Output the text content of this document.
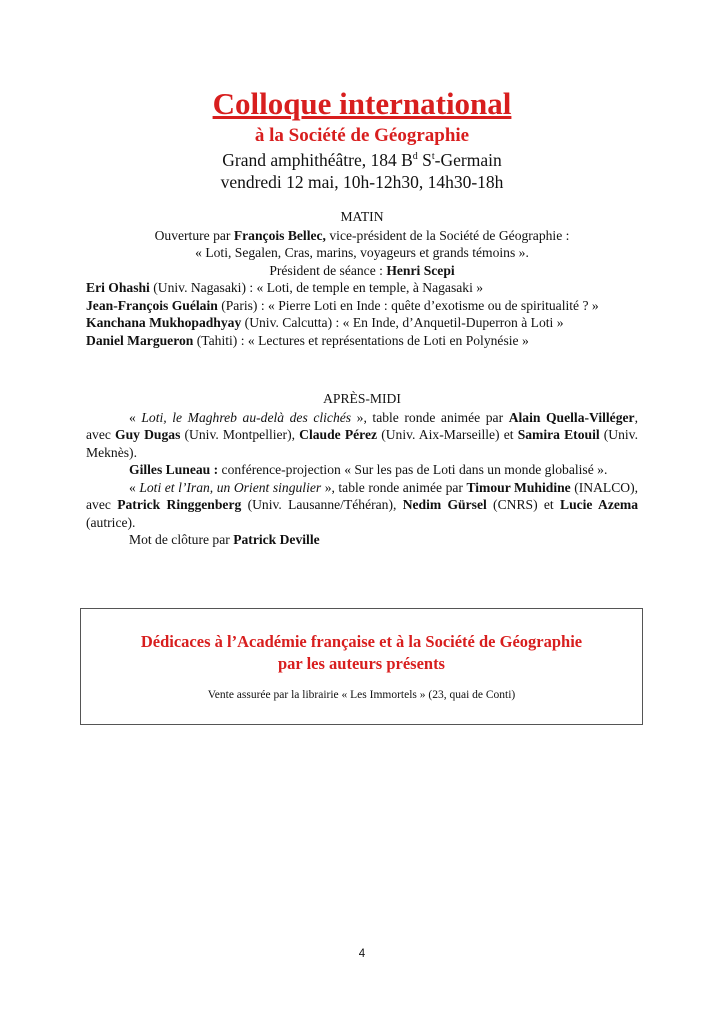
Colloque international
à la Société de Géographie
Grand amphithéâtre, 184 $B^d$ $S^t$-Germain
vendredi 12 mai, 10h-12h30, 14h30-18h

MATIN

Ouverture par François Bellec, vice-président de la Société de Géographie :

« Loti, Segalen, Cras, marins, voyageurs et grands témoins ».

Président de séance : Henri Scepi

Eri Ohashi (Univ. Nagasaki) : « Loti, de temple en temple, à Nagasaki »

Jean-François Guélain (Paris) : « Pierre Loti en Inde : quête d’exotisme ou de spiritualité ? »

Kanchana Mukhopadhyay (Univ. Calcutta) : « En Inde, d’Anquetil-Duperron à Loti »

Daniel Margueron (Tahiti) : « Lectures et représentations de Loti en Polynésie »

APRÈS-MIDI

« Loti, le Maghreb au-delà des clichés », table ronde animée par Alain Quella-Villéger, avec Guy Dugas (Univ. Montpellier), Claude Pérez (Univ. Aix-Marseille) et Samira Etouil (Univ. Meknès).

Gilles Luneau : conférence-projection « Sur les pas de Loti dans un monde globalisé ».

« Loti et l’Iran, un Orient singulier », table ronde animée par Timour Muhidine (INALCO), avec Patrick Ringgenberg (Univ. Lausanne/Téhéran), Nedim Gürsel (CNRS) et Lucie Azema (autrice).

Mot de clôture par Patrick Deville

Dédicaces à l’Académie française et à la Société de Géographie
par les auteurs présents
Vente assurée par la librairie « Les Immortels » (23, quai de Conti)
4
